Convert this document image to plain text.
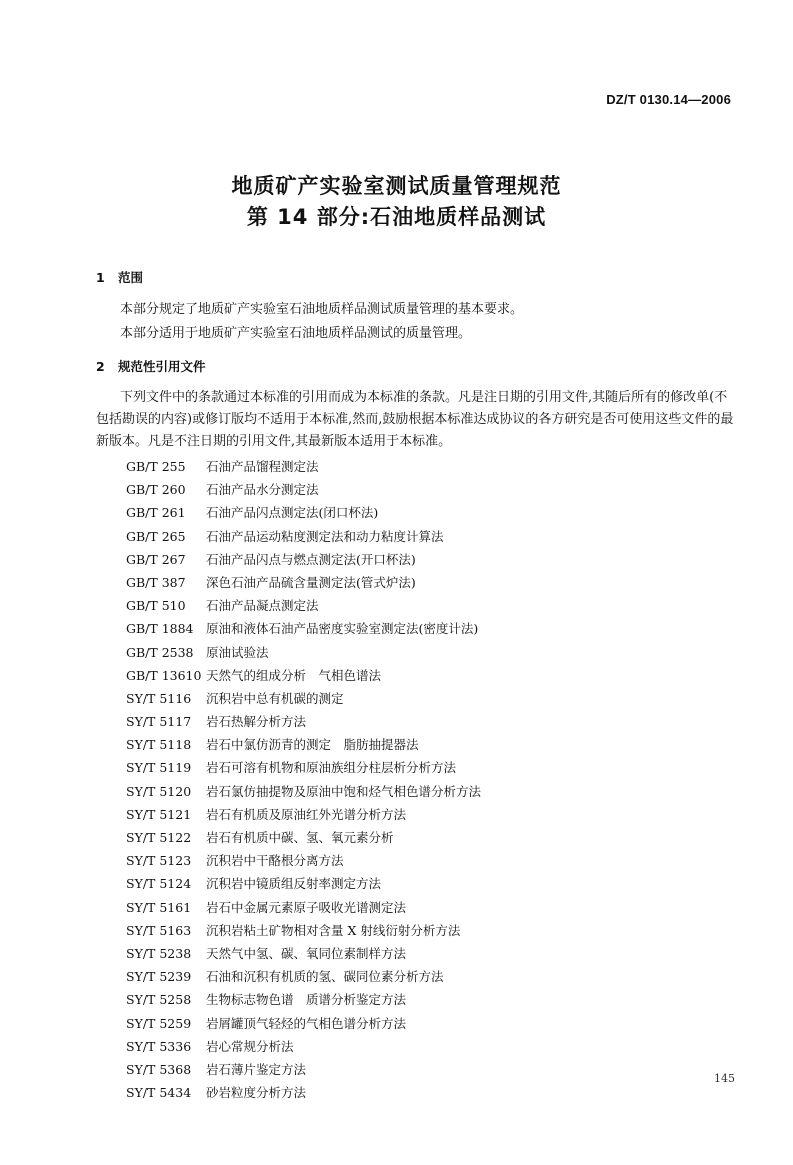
DZ/T 0130.14—2006
地质矿产实验室测试质量管理规范
第 14 部分:石油地质样品测试
1 范围
本部分规定了地质矿产实验室石油地质样品测试质量管理的基本要求。
本部分适用于地质矿产实验室石油地质样品测试的质量管理。
2 规范性引用文件
下列文件中的条款通过本标准的引用而成为本标准的条款。凡是注日期的引用文件,其随后所有的修改单(不包括勘误的内容)或修订版均不适用于本标准,然而,鼓励根据本标准达成协议的各方研究是否可使用这些文件的最新版本。凡是不注日期的引用文件,其最新版本适用于本标准。
GB/T 255	石油产品馏程测定法
GB/T 260	石油产品水分测定法
GB/T 261	石油产品闪点测定法(闭口杯法)
GB/T 265	石油产品运动粘度测定法和动力粘度计算法
GB/T 267	石油产品闪点与燃点测定法(开口杯法)
GB/T 387	深色石油产品硫含量测定法(管式炉法)
GB/T 510	石油产品凝点测定法
GB/T 1884 原油和液体石油产品密度实验室测定法(密度计法)
GB/T 2538 原油试验法
GB/T 13610 天然气的组成分析　气相色谱法
SY/T 5116	沉积岩中总有机碳的测定
SY/T 5117	岩石热解分析方法
SY/T 5118	岩石中氯仿沥青的测定　脂肪抽提器法
SY/T 5119	岩石可溶有机物和原油族组分柱层析分析方法
SY/T 5120	岩石氯仿抽提物及原油中饱和烃气相色谱分析方法
SY/T 5121	岩石有机质及原油红外光谱分析方法
SY/T 5122	岩石有机质中碳、氢、氧元素分析
SY/T 5123	沉积岩中干酪根分离方法
SY/T 5124	沉积岩中镜质组反射率测定方法
SY/T 5161	岩石中金属元素原子吸收光谱测定法
SY/T 5163	沉积岩粘土矿物相对含量 X 射线衍射分析方法
SY/T 5238	天然气中氢、碳、氧同位素制样方法
SY/T 5239	石油和沉积有机质的氢、碳同位素分析方法
SY/T 5258	生物标志物色谱　质谱分析鉴定方法
SY/T 5259	岩屑罐顶气轻烃的气相色谱分析方法
SY/T 5336	岩心常规分析法
SY/T 5368	岩石薄片鉴定方法
SY/T 5434	砂岩粒度分析方法
145
